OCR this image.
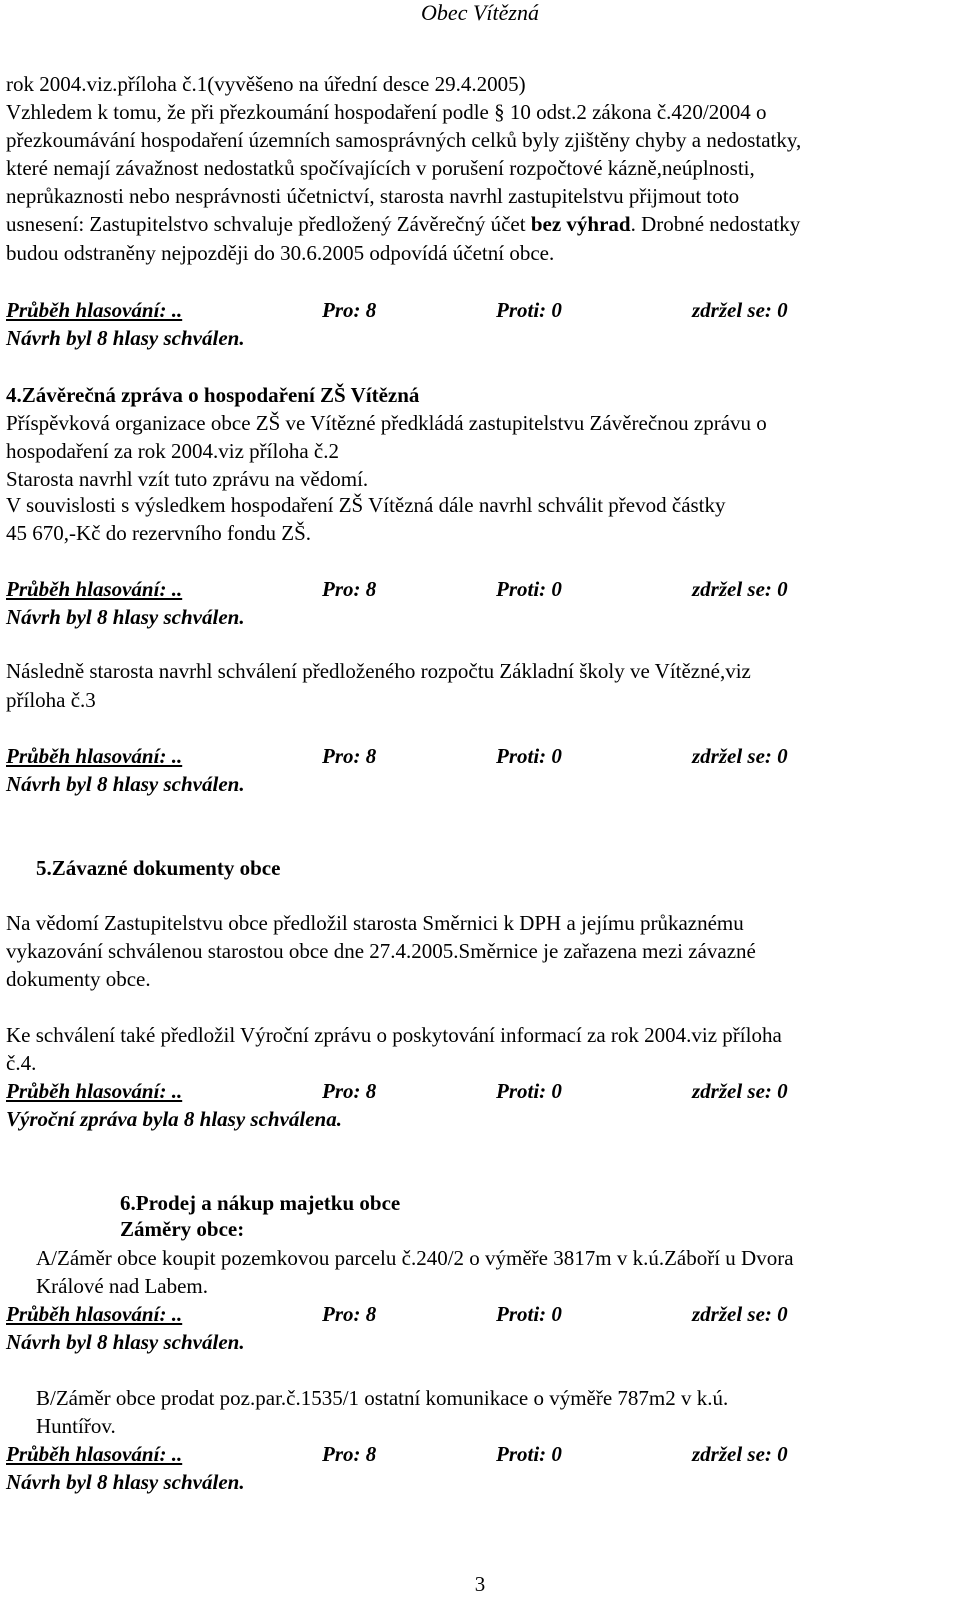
Obec Vítězná
rok 2004.viz.příloha č.1(vyvěšeno na úřední desce 29.4.2005)
Vzhledem k tomu, že při přezkoumání hospodaření podle § 10 odst.2 zákona č.420/2004 o
přezkoumávání hospodaření územních samosprávných celků byly zjištěny chyby a nedostatky,
které nemají závažnost nedostatků spočívajících v porušení rozpočtové kázně,neúplnosti,
neprůkaznosti nebo nesprávnosti účetnictví, starosta navrhl zastupitelstvu přijmout toto
usnesení: Zastupitelstvo schvaluje předložený Závěrečný účet bez výhrad. Drobné nedostatky
budou odstraněny nejpozději do 30.6.2005 odpovídá účetní obce.
Průběh hlasování: ..	Pro: 8	Proti: 0	zdržel se: 0
Návrh byl 8 hlasy schválen.
4.Závěrečná zpráva o hospodaření ZŠ Vítězná
Příspěvková organizace obce ZŠ ve Vítězné předkládá zastupitelstvu Závěrečnou zprávu o
hospodaření za rok 2004.viz příloha č.2
Starosta navrhl vzít tuto zprávu na vědomí.
V souvislosti s výsledkem hospodaření ZŠ Vítězná dále navrhl schválit převod částky
45 670,-Kč do rezervního fondu ZŠ.
Průběh hlasování: ..	Pro: 8	Proti: 0	zdržel se: 0
Návrh byl 8 hlasy schválen.
Následně starosta navrhl schválení předloženého rozpočtu Základní školy ve Vítězné,viz
příloha č.3
Průběh hlasování: ..	Pro: 8	Proti: 0	zdržel se: 0
Návrh byl 8 hlasy schválen.
5.Závazné dokumenty obce
Na vědomí Zastupitelstvu obce předložil starosta Směrnici k DPH a jejímu průkaznému
vykazování schválenou starostou obce dne 27.4.2005.Směrnice je zařazena mezi závazné
dokumenty obce.
Ke schválení také předložil Výroční zprávu o poskytování informací za rok 2004.viz příloha
č.4.
Průběh hlasování: ..	Pro: 8	Proti: 0	zdržel se: 0
Výroční zpráva byla 8 hlasy schválena.
6.Prodej a nákup majetku obce
Záměry obce:
A/Záměr obce koupit pozemkovou parcelu č.240/2 o výměře 3817m v k.ú.Záboří u Dvora
Králové nad Labem.
Průběh hlasování: ..	Pro: 8	Proti: 0	zdržel se: 0
Návrh byl 8 hlasy schválen.
B/Záměr obce prodat poz.par.č.1535/1 ostatní komunikace o výměře 787m2 v k.ú.
Huntířov.
Průběh hlasování: ..	Pro: 8	Proti: 0	zdržel se: 0
Návrh byl 8 hlasy schválen.
3
